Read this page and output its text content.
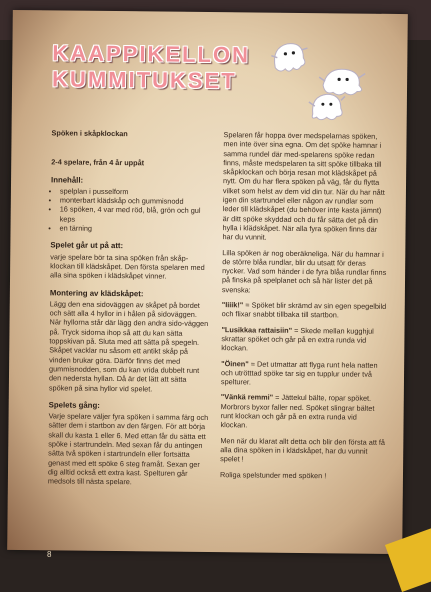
KAAPPIKELLON
KUMMITUKSET

Spöken i skåpklockan

2-4 spelare, från 4 år uppåt

Innehåll:
• spelplan i pusselform
• monterbart klädskåp och gummisnodd
• 16 spöken, 4 var med röd, blå, grön och gul keps
• en tärning
Spelet går ut på att:

varje spelare bör ta sina spöken från skåp-klockan till klädskåpet. Den första spelaren med alla sina spöken i klädskåpet vinner.

Montering av klädskåpet:

Lägg den ena sidoväggen av skåpet på bordet och sätt alla 4 hyllor in i hålen på sidoväggen. När hyllorna står där lägg den andra sido-väggen på. Tryck sidorna ihop så att du kan sätta toppskivan på. Sluta med att sätta på spegeln. Skåpet vacklar nu såsom ett antikt skåp på vinden brukar göra. Därför finns det med gummisnodden, som du kan vrida dubbelt runt den nedersta hyllan. Då är det lätt att sätta spöken på sina hyllor vid spelet.

Spelets gång:

Varje spelare väljer fyra spöken i samma färg och sätter dem i startbon av den färgen. För att börja skall du kasta 1 eller 6. Med ettan får du sätta ett spöke i startrundeln. Med sexan får du antingen sätta två spöken i startrundeln eller fortsätta genast med ett spöke 6 steg framåt. Sexan ger dig alltid också ett extra kast. Spelturen går medsols till nästa spelare.

Spelaren får hoppa över medspelarnas spöken, men inte över sina egna. Om det spöke hamnar i samma rundel där med-spelarens spöke redan finns, måste medspelaren ta sitt spöke tillbaka till skåpklockan och börja resan mot klädskåpet på nytt. Om du har flera spöken på väg, får du flytta vilket som helst av dem vid din tur. När du har nått igen din startrundel eller någon av rundlar som leder till klädskåpet (du behöver inte kasta jämnt) är ditt spöke skyddad och du får sätta det på din hylla i klädskåpet. När alla fyra spöken finns där har du vunnit.

Lilla spöken är nog oberäkneliga. När du hamnar i de större blåa rundlar, blir du utsatt för deras nycker. Vad som händer i de fyra blåa rundlar finns på finska på spelplanet och så här lister det på svenska:

"Iiiik!" = Spöket blir skrämd av sin egen spegelbild och flixar snabbt tillbaka till startbon.

"Lusikkaa rattaisiin" = Skede mellan kugghjul skrattar spöket och går på en extra runda vid klockan.

"Öinen" = Det utmattar att flyga runt hela natten och utrötttad spöke tar sig en tupplur under två spelturer.

"Vänkä remmi" = Jättekul bälte, ropar spöket. Morbrors byxor faller ned. Spöket slingrar bältet runt klockan och går på en extra runda vid klockan.

Men när du klarat allt detta och blir den första att få alla dina spöken in i klädskåpet, har du vunnit spelet !

Roliga spelstunder med spöken !

8
